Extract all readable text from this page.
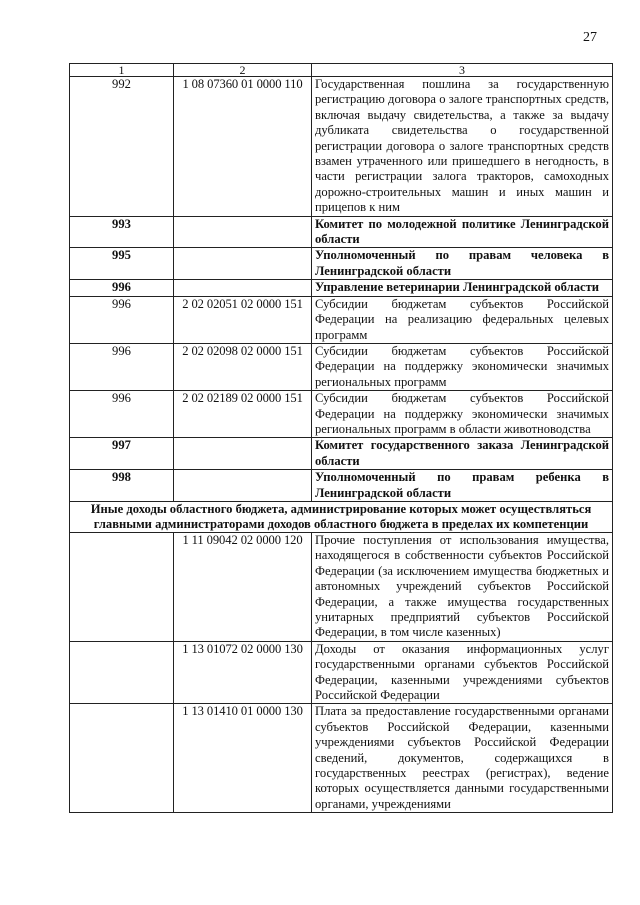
27
1	2	3
992	1 08 07360 01 0000 110	Государственная пошлина за государственную регистрацию договора о залоге транспортных средств, включая выдачу свидетельства, а также за выдачу дубликата свидетельства о государственной регистрации договора о залоге транспортных средств взамен утраченного или пришедшего в негодность, в части регистрации залога тракторов, самоходных дорожно-строительных машин и иных машин и прицепов к ним
993		Комитет по молодежной политике Ленинградской области
995		Уполномоченный по правам человека в Ленинградской области
996		Управление ветеринарии Ленинградской области
996	2 02 02051 02 0000 151	Субсидии бюджетам субъектов Российской Федерации на реализацию федеральных целевых программ
996	2 02 02098 02 0000 151	Субсидии бюджетам субъектов Российской Федерации на поддержку экономически значимых региональных программ
996	2 02 02189 02 0000 151	Субсидии бюджетам субъектов Российской Федерации на поддержку экономически значимых региональных программ в области животноводства
997		Комитет государственного заказа Ленинградской области
998		Уполномоченный по правам ребенка в Ленинградской области
Иные доходы областного бюджета, администрирование которых может осуществляться главными администраторами доходов областного бюджета в пределах их компетенции		
	1 11 09042 02 0000 120	Прочие поступления от использования имущества, находящегося в собственности субъектов Российской Федерации (за исключением имущества бюджетных и автономных учреждений субъектов Российской Федерации, а также имущества государственных унитарных предприятий субъектов Российской Федерации, в том числе казенных)
	1 13 01072 02 0000 130	Доходы от оказания информационных услуг государственными органами субъектов Российской Федерации, казенными учреждениями субъектов Российской Федерации
	1 13 01410 01 0000 130	Плата за предоставление государственными органами субъектов Российской Федерации, казенными учреждениями субъектов Российской Федерации сведений, документов, содержащихся в государственных реестрах (регистрах), ведение которых осуществляется данными государственными органами, учреждениями
